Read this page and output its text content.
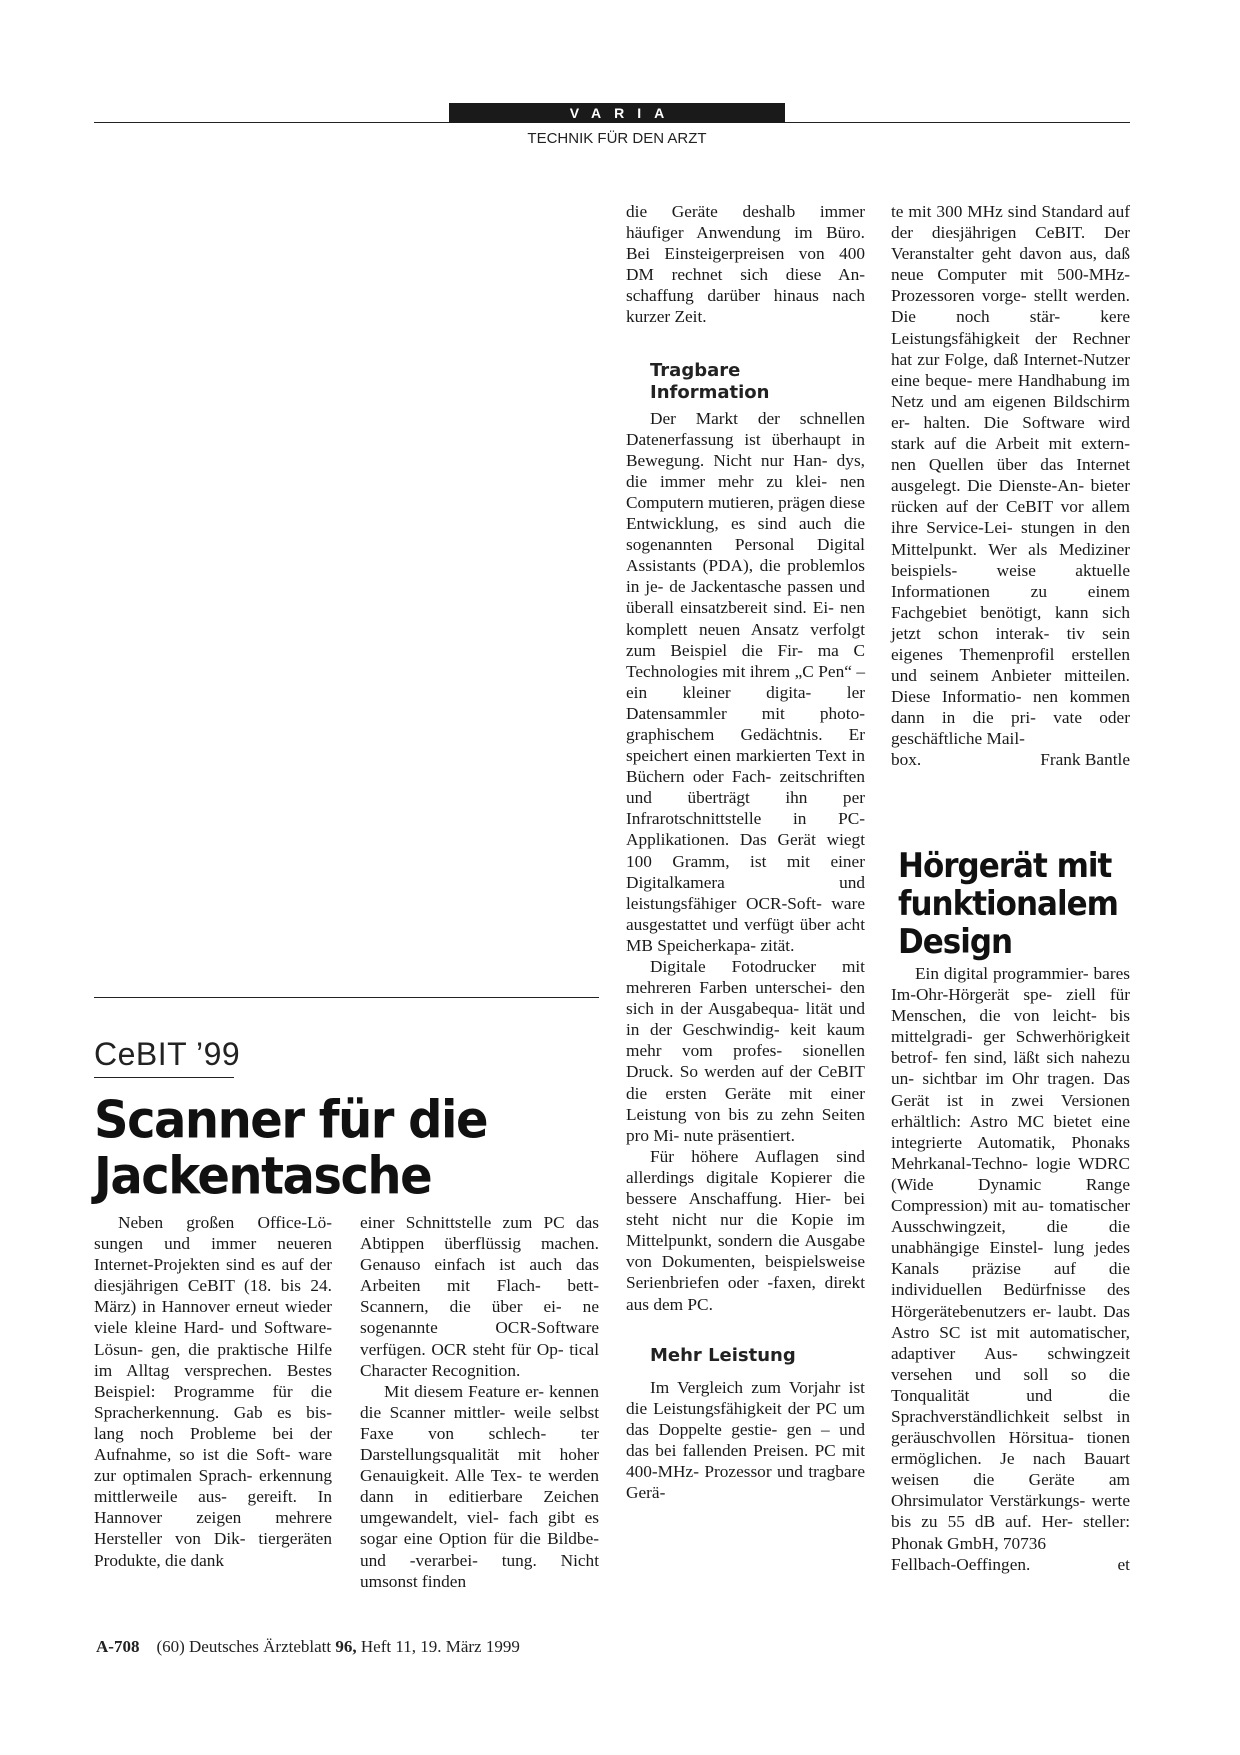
VARIA
TECHNIK FÜR DEN ARZT
CeBIT ’99
Scanner für die
Jackentasche

Neben großen Office-Lö- sungen und immer neueren Internet-Projekten sind es auf der diesjährigen CeBIT (18. bis 24. März) in Hannover erneut wieder viele kleine Hard- und Software-Lösun- gen, die praktische Hilfe im Alltag versprechen. Bestes Beispiel: Programme für die Spracherkennung. Gab es bis- lang noch Probleme bei der Aufnahme, so ist die Soft- ware zur optimalen Sprach- erkennung mittlerweile aus- gereift. In Hannover zeigen mehrere Hersteller von Dik- tiergeräten Produkte, die dank

einer Schnittstelle zum PC das Abtippen überflüssig machen. Genauso einfach ist auch das Arbeiten mit Flach- bett-Scannern, die über ei- ne sogenannte OCR-Software verfügen. OCR steht für Op- tical Character Recognition.

Mit diesem Feature er- kennen die Scanner mittler- weile selbst Faxe von schlech- ter Darstellungsqualität mit hoher Genauigkeit. Alle Tex- te werden dann in editierbare Zeichen umgewandelt, viel- fach gibt es sogar eine Option für die Bildbe- und -verarbei- tung. Nicht umsonst finden

die Geräte deshalb immer häufiger Anwendung im Büro. Bei Einsteigerpreisen von 400 DM rechnet sich diese An- schaffung darüber hinaus nach kurzer Zeit.

Tragbare
Information

Der Markt der schnellen Datenerfassung ist überhaupt in Bewegung. Nicht nur Han- dys, die immer mehr zu klei- nen Computern mutieren, prägen diese Entwicklung, es sind auch die sogenannten Personal Digital Assistants (PDA), die problemlos in je- de Jackentasche passen und überall einsatzbereit sind. Ei- nen komplett neuen Ansatz verfolgt zum Beispiel die Fir- ma C Technologies mit ihrem „C Pen“ – ein kleiner digita- ler Datensammler mit photo- graphischem Gedächtnis. Er speichert einen markierten Text in Büchern oder Fach- zeitschriften und überträgt ihn per Infrarotschnittstelle in PC-Applikationen. Das Gerät wiegt 100 Gramm, ist mit einer Digitalkamera und leistungsfähiger OCR-Soft- ware ausgestattet und verfügt über acht MB Speicherkapa- zität.

Digitale Fotodrucker mit mehreren Farben unterschei- den sich in der Ausgabequa- lität und in der Geschwindig- keit kaum mehr vom profes- sionellen Druck. So werden auf der CeBIT die ersten Geräte mit einer Leistung von bis zu zehn Seiten pro Mi- nute präsentiert.

Für höhere Auflagen sind allerdings digitale Kopierer die bessere Anschaffung. Hier- bei steht nicht nur die Kopie im Mittelpunkt, sondern die Ausgabe von Dokumenten, beispielsweise Serienbriefen oder -faxen, direkt aus dem PC.

Mehr Leistung

Im Vergleich zum Vorjahr ist die Leistungsfähigkeit der PC um das Doppelte gestie- gen – und das bei fallenden Preisen. PC mit 400-MHz- Prozessor und tragbare Gerä-

te mit 300 MHz sind Standard auf der diesjährigen CeBIT. Der Veranstalter geht davon aus, daß neue Computer mit 500-MHz-Prozessoren vorge- stellt werden. Die noch stär- kere Leistungsfähigkeit der Rechner hat zur Folge, daß Internet-Nutzer eine beque- mere Handhabung im Netz und am eigenen Bildschirm er- halten. Die Software wird stark auf die Arbeit mit extern- nen Quellen über das Internet ausgelegt. Die Dienste-An- bieter rücken auf der CeBIT vor allem ihre Service-Lei- stungen in den Mittelpunkt. Wer als Mediziner beispiels- weise aktuelle Informationen zu einem Fachgebiet benötigt, kann sich jetzt schon interak- tiv sein eigenes Themenprofil erstellen und seinem Anbieter mitteilen. Diese Informatio- nen kommen dann in die pri- vate oder geschäftliche Mail-

box.	Frank Bantle
Hörgerät mit
funktionalem
Design

Ein digital programmier- bares Im-Ohr-Hörgerät spe- ziell für Menschen, die von leicht- bis mittelgradi- ger Schwerhörigkeit betrof- fen sind, läßt sich nahezu un- sichtbar im Ohr tragen. Das Gerät ist in zwei Versionen erhältlich: Astro MC bietet eine integrierte Automatik, Phonaks Mehrkanal-Techno- logie WDRC (Wide Dynamic Range Compression) mit au- tomatischer Ausschwingzeit, die die unabhängige Einstel- lung jedes Kanals präzise auf die individuellen Bedürfnisse des Hörgerätebenutzers er- laubt. Das Astro SC ist mit automatischer, adaptiver Aus- schwingzeit versehen und soll so die Tonqualität und die Sprachverständlichkeit selbst in geräuschvollen Hörsitua- tionen ermöglichen. Je nach Bauart weisen die Geräte am Ohrsimulator Verstärkungs- werte bis zu 55 dB auf. Her- steller: Phonak GmbH, 70736

Fellbach-Oeffingen.	et
A-708 (60) Deutsches Ärzteblatt 96, Heft 11, 19. März 1999
